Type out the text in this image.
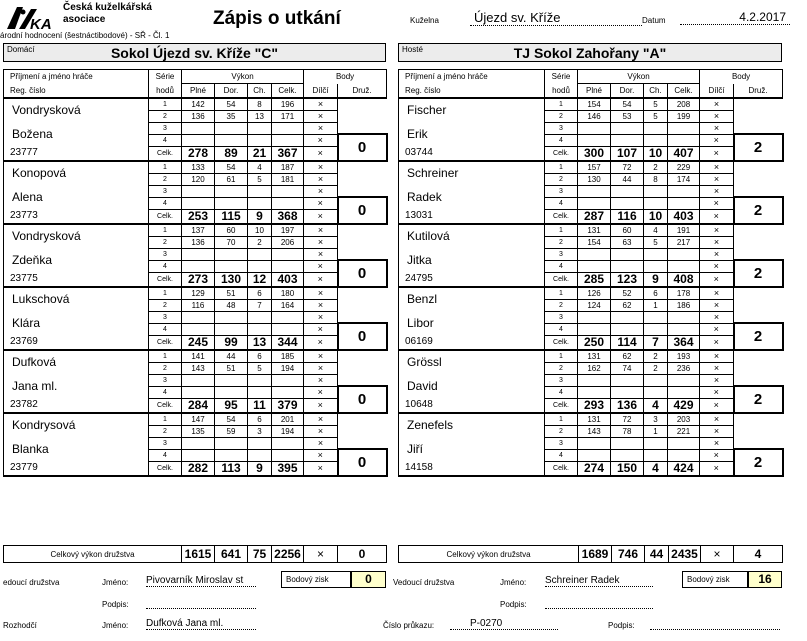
KA
Česká kuželkářská
asociace	Zápis o utkání	Kuželna	Újezd sv. Kříže	Datum	4.2.2017
árodní hodnocení (šestnáctibodové) - SŘ - Čl. 1
Sokol Újezd sv. Kříže "C"
Domácí	TJ Sokol Zahořany "A"
Hosté
Příjmení a jméno hráče	Série	Výkon				Body	
Reg. číslo	hodů	Plné	Dor.	Ch.	Celk.	Dílčí	Druž.
Vondrysková	1	142	54	8	196	×	
	2	136	35	13	171	×	
Božena	3					×	
	4					×	0
23777	Celk.	278	89	21	367	×	
Konopová	1	133	54	4	187	×	
	2	120	61	5	181	×	
Alena	3					×	
	4					×	0
23773	Celk.	253	115	9	368	×	
Vondrysková	1	137	60	10	197	×	
	2	136	70	2	206	×	
Zdeňka	3					×	
	4					×	0
23775	Celk.	273	130	12	403	×	
Lukschová	1	129	51	6	180	×	
	2	116	48	7	164	×	
Klára	3					×	
	4					×	0
23769	Celk.	245	99	13	344	×	
Dufková	1	141	44	6	185	×	
	2	143	51	5	194	×	
Jana ml.	3					×	
	4					×	0
23782	Celk.	284	95	11	379	×	
Kondrysová	1	147	54	6	201	×	
	2	135	59	3	194	×	
Blanka	3					×	
	4					×	0
23779	Celk.	282	113	9	395	×	
Příjmení a jméno hráče	Série	Výkon				Body	
Reg. číslo	hodů	Plné	Dor.	Ch.	Celk.	Dílčí	Druž.
Fischer	1	154	54	5	208	×	
	2	146	53	5	199	×	
Erik	3					×	
	4					×	2
03744	Celk.	300	107	10	407	×	
Schreiner	1	157	72	2	229	×	
	2	130	44	8	174	×	
Radek	3					×	
	4					×	2
13031	Celk.	287	116	10	403	×	
Kutilová	1	131	60	4	191	×	
	2	154	63	5	217	×	
Jitka	3					×	
	4					×	2
24795	Celk.	285	123	9	408	×	
Benzl	1	126	52	6	178	×	
	2	124	62	1	186	×	
Libor	3					×	
	4					×	2
06169	Celk.	250	114	7	364	×	
Grössl	1	131	62	2	193	×	
	2	162	74	2	236	×	
David	3					×	
	4					×	2
10648	Celk.	293	136	4	429	×	
Zenefels	1	131	72	3	203	×	
	2	143	78	1	221	×	
Jiří	3					×	
	4					×	2
14158	Celk.	274	150	4	424	×	
Celkový výkon družstva	1615	641	75	2256	×	0	Celkový výkon družstva	1689	746	44	2435	×	4
edoucí družstva	Jméno: Pivovarník Miroslav st	Bodový zisk	0	Vedoucí družstva	Jméno: Schreiner Radek	Bodový zisk	16
Podpis:	Podpis:
Rozhodčí	Jméno: Dufková Jana ml.	Číslo průkazu:	P-0270	Podpis:
